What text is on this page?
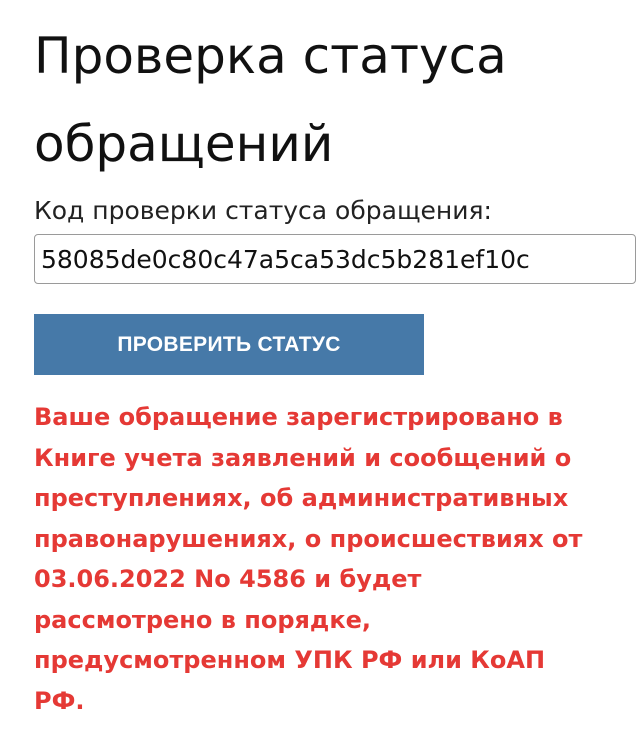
Проверка статуса обращений
Код проверки статуса обращения:
58085de0c80c47a5ca53dc5b281ef10c
ПРОВЕРИТЬ СТАТУС

Ваше обращение зарегистрировано в Книге учета заявлений и сообщений о преступлениях, об административных правонарушениях, о происшествиях от 03.06.2022 No 4586 и будет рассмотрено в порядке, предусмотренном УПК РФ или КоАП РФ.
